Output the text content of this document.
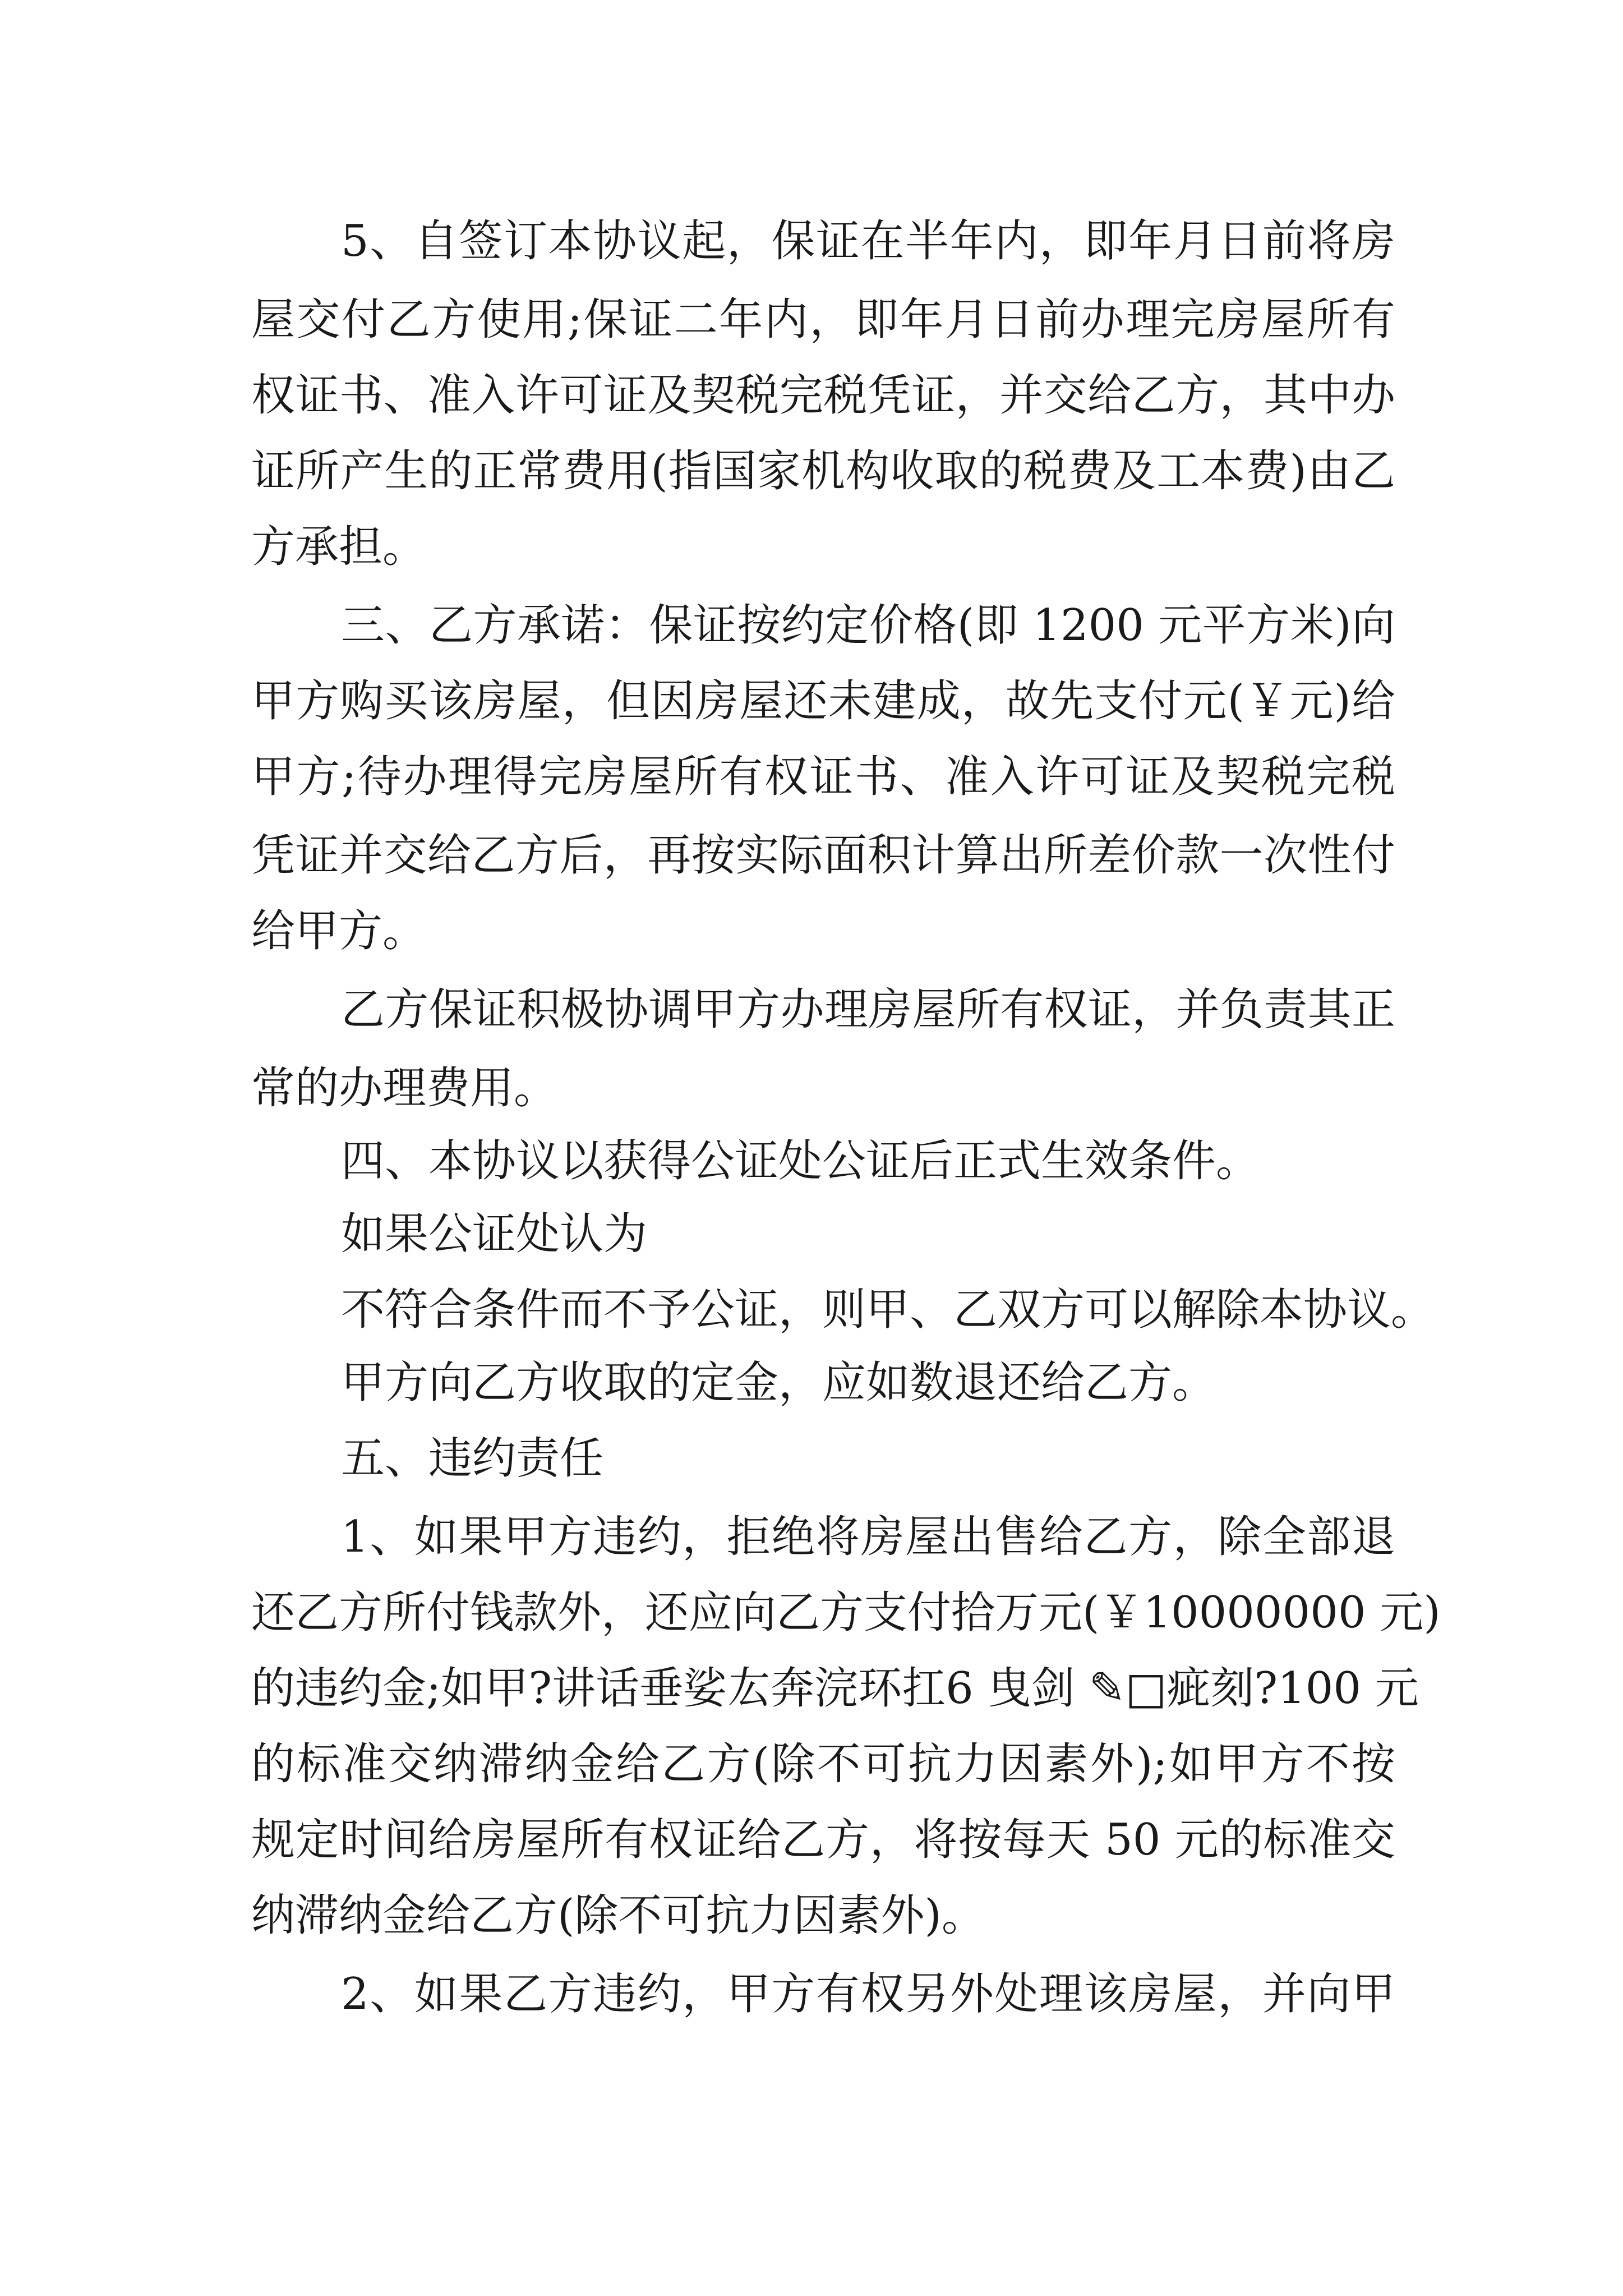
5、自签订本协议起，保证在半年内，即年月日前将房
屋交付乙方使用;保证二年内，即年月日前办理完房屋所有
权证书、准入许可证及契税完税凭证，并交给乙方，其中办
证所产生的正常费用(指国家机构收取的税费及工本费)由乙
方承担。
三、乙方承诺：保证按约定价格(即 1200 元平方米)向
甲方购买该房屋，但因房屋还未建成，故先支付元(￥元)给
甲方;待办理得完房屋所有权证书、准入许可证及契税完税
凭证并交给乙方后，再按实际面积计算出所差价款一次性付
给甲方。
乙方保证积极协调甲方办理房屋所有权证，并负责其正
常的办理费用。
四、本协议以获得公证处公证后正式生效条件。
如果公证处认为
不符合条件而不予公证，则甲、乙双方可以解除本协议。
甲方向乙方收取的定金，应如数退还给乙方。
五、违约责任
1、如果甲方违约，拒绝将房屋出售给乙方，除全部退
还乙方所付钱款外，还应向乙方支付拾万元(￥10000000 元)
的违约金;如甲?讲话垂娑厷奔浣环扛6 曳剑 ✎□疵刻?100 元
的标准交纳滞纳金给乙方(除不可抗力因素外);如甲方不按
规定时间给房屋所有权证给乙方，将按每天 50 元的标准交
纳滞纳金给乙方(除不可抗力因素外)。
2、如果乙方违约，甲方有权另外处理该房屋，并向甲
